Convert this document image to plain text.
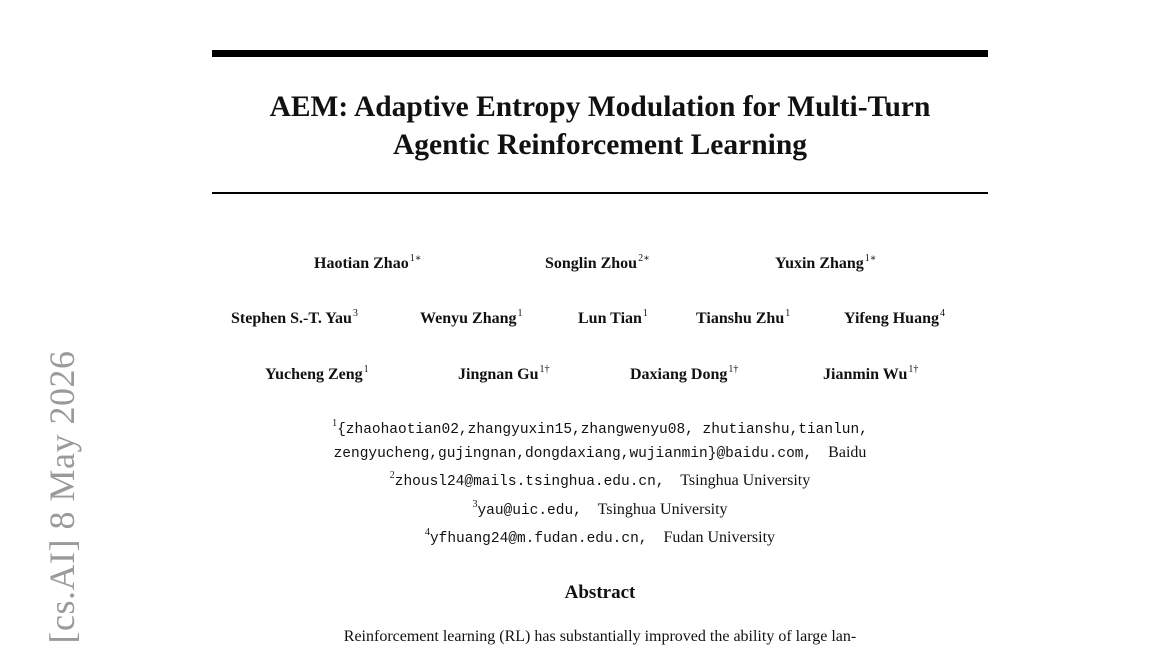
AEM: Adaptive Entropy Modulation for Multi-Turn
Agentic Reinforcement Learning
Haotian Zhao$^{1∗}$	Songlin Zhou$^{2∗}$	Yuxin Zhang$^{1∗}$
Stephen S.-T. Yau$^3$	Wenyu Zhang$^1$	Lun Tian$^1$	Tianshu Zhu$^1$	Yifeng Huang$^4$
Yucheng Zeng$^1$	Jingnan $Gu^{1\dagger}$	Daxiang Dong$^{1\dagger}$	Jianmin $Wu^{1\dagger}$
$^1${zhaohaotian02,zhangyuxin15,zhangwenyu08, zhutianshu,tianlun,
zengyucheng,gujingnan,dongdaxiang,wujianmin}@baidu.com, Baidu
$^2$zhousl24@mails.tsinghua.edu.cn, Tsinghua University
$^3$yau@uic.edu, Tsinghua University
$^4$yfhuang24@m.fudan.edu.cn, Fudan University
Abstract
Reinforcement learning (RL) has substantially improved the ability of large lan-
[cs.AI] 8 May 2026
